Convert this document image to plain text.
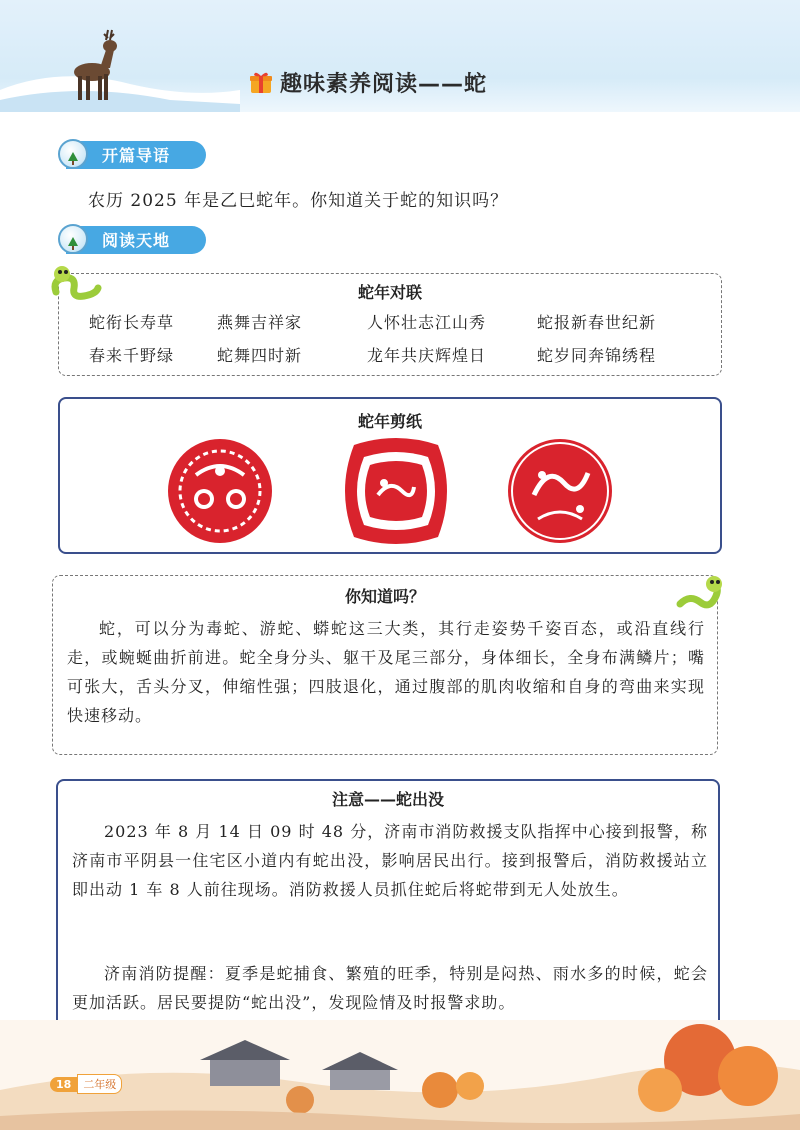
趣味素养阅读——蛇
开篇导语
农历 2025 年是乙巳蛇年。你知道关于蛇的知识吗？
阅读天地
蛇年对联
蛇衔长寿草	燕舞吉祥家	人怀壮志江山秀	蛇报新春世纪新
春来千野绿	蛇舞四时新	龙年共庆辉煌日	蛇岁同奔锦绣程
蛇年剪纸
你知道吗？

蛇，可以分为毒蛇、游蛇、蟒蛇这三大类，其行走姿势千姿百态，或沿直线行走，或蜿蜒曲折前进。蛇全身分头、躯干及尾三部分，身体细长，全身布满鳞片；嘴可张大，舌头分叉，伸缩性强；四肢退化，通过腹部的肌肉收缩和自身的弯曲来实现快速移动。

注意——蛇出没

2023 年 8 月 14 日 09 时 48 分，济南市消防救援支队指挥中心接到报警，称济南市平阴县一住宅区小道内有蛇出没，影响居民出行。接到报警后，消防救援站立即出动 1 车 8 人前往现场。消防救援人员抓住蛇后将蛇带到无人处放生。

济南消防提醒：夏季是蛇捕食、繁殖的旺季，特别是闷热、雨水多的时候，蛇会更加活跃。居民要提防“蛇出没”，发现险情及时报警求助。

18	二年级
